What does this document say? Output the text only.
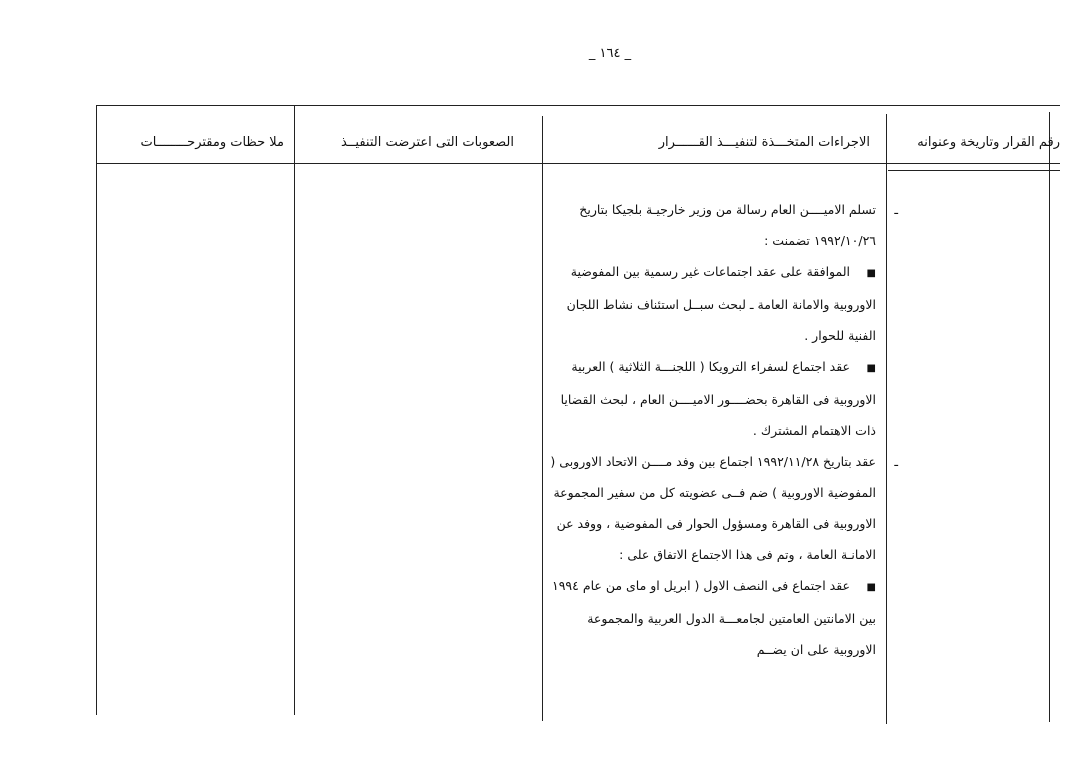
_ ١٦٤ _
رقم القرار وتاريخة وعنوانه
الاجراءات المتخـــذة لتنفيـــذ القــــــرار
الصعوبات التى اعترضت التنفيــذ
ملا حظات ومقترحــــــــات

ـ
تسلم الاميــــن العام رسالة من وزير خارجيـة بلجيكا بتاريخ ١٩٩٢/١٠/٢٦ تضمنت :

■ الموافقة على عقد اجتماعات غير رسمية بين المفوضية الاوروبية والامانة العامة ـ لبحث سبــل استئناف نشاط اللجان الفنية للحوار .

■ عقد اجتماع لسفراء الترويكا ( اللجنـــة الثلاثية ) العربية الاوروبية فى القاهرة بحضــــور الاميــــن العام ، لبحث القضايا ذات الاهتمام المشترك .

ـ
عقد بتاريخ ١٩٩٢/١١/٢٨ اجتماع بين وفد مــــن الاتحاد الاوروبى ( المفوضية الاوروبية ) ضم فــى عضويته كل من سفير المجموعة الاوروبية فى القاهرة ومسؤول الحوار فى المفوضية ، ووفد عن الامانـة العامة ، وتم فى هذا الاجتماع الاتفاق على :

■ عقد اجتماع فى النصف الاول ( ابريل او ماى من عام ١٩٩٤ بين الامانتين العامتين لجامعـــة الدول العربية والمجموعة الاوروبية على ان يضــم
